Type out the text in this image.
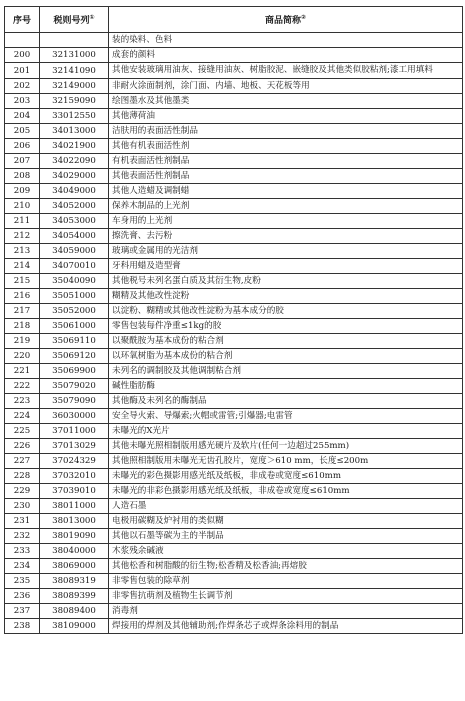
序号	税则号列①	商品简称②
		装的染料、色料
200	32131000	成套的颜料
201	32141090	其他安装玻璃用油灰、接缝用油灰、树脂胶泥、嵌缝胶及其他类似胶粘剂;漆工用填料
202	32149000	非耐火涂面制剂，涂门面、内墙、地板、天花板等用
203	32159090	绘图墨水及其他墨类
204	33012550	其他薄荷油
205	34013000	洁肤用的表面活性制品
206	34021900	其他有机表面活性剂
207	34022090	有机表面活性剂制品
208	34029000	其他表面活性剂制品
209	34049000	其他人造蜡及调制蜡
210	34052000	保养木制品的上光剂
211	34053000	车身用的上光剂
212	34054000	擦洗膏、去污粉
213	34059000	玻璃或金属用的光洁剂
214	34070010	牙科用蜡及造型膏
215	35040090	其他税号未列名蛋白质及其衍生物,皮粉
216	35051000	糊精及其他改性淀粉
217	35052000	以淀粉、糊精或其他改性淀粉为基本成分的胶
218	35061000	零售包装每件净重≤1kg的胶
219	35069110	以聚酰胺为基本成份的粘合剂
220	35069120	以环氧树脂为基本成份的粘合剂
221	35069900	未列名的调制胶及其他调制粘合剂
222	35079020	碱性脂肪酶
223	35079090	其他酶及未列名的酶制品
224	36030000	安全导火索、导爆索;火帽或雷管;引爆器;电雷管
225	37011000	未曝光的X光片
226	37013029	其他未曝光照相制版用感光硬片及软片(任何一边超过255mm)
227	37024329	其他照相制版用未曝光无齿孔胶片，宽度＞610 mm，长度≤200m
228	37032010	未曝光的彩色摄影用感光纸及纸板，非成卷或宽度≤610mm
229	37039010	未曝光的非彩色摄影用感光纸及纸板，非成卷或宽度≤610mm
230	38011000	人造石墨
231	38013000	电极用碳糊及炉衬用的类似糊
232	38019090	其他以石墨等碳为主的半制品
233	38040000	木浆残余碱液
234	38069000	其他松香和树脂酸的衍生物;松香精及松香油;再熔胶
235	38089319	非零售包装的除草剂
236	38089399	非零售抗萌剂及植物生长调节剂
237	38089400	消毒剂
238	38109000	焊接用的焊剂及其他辅助剂;作焊条芯子或焊条涂料用的制品
